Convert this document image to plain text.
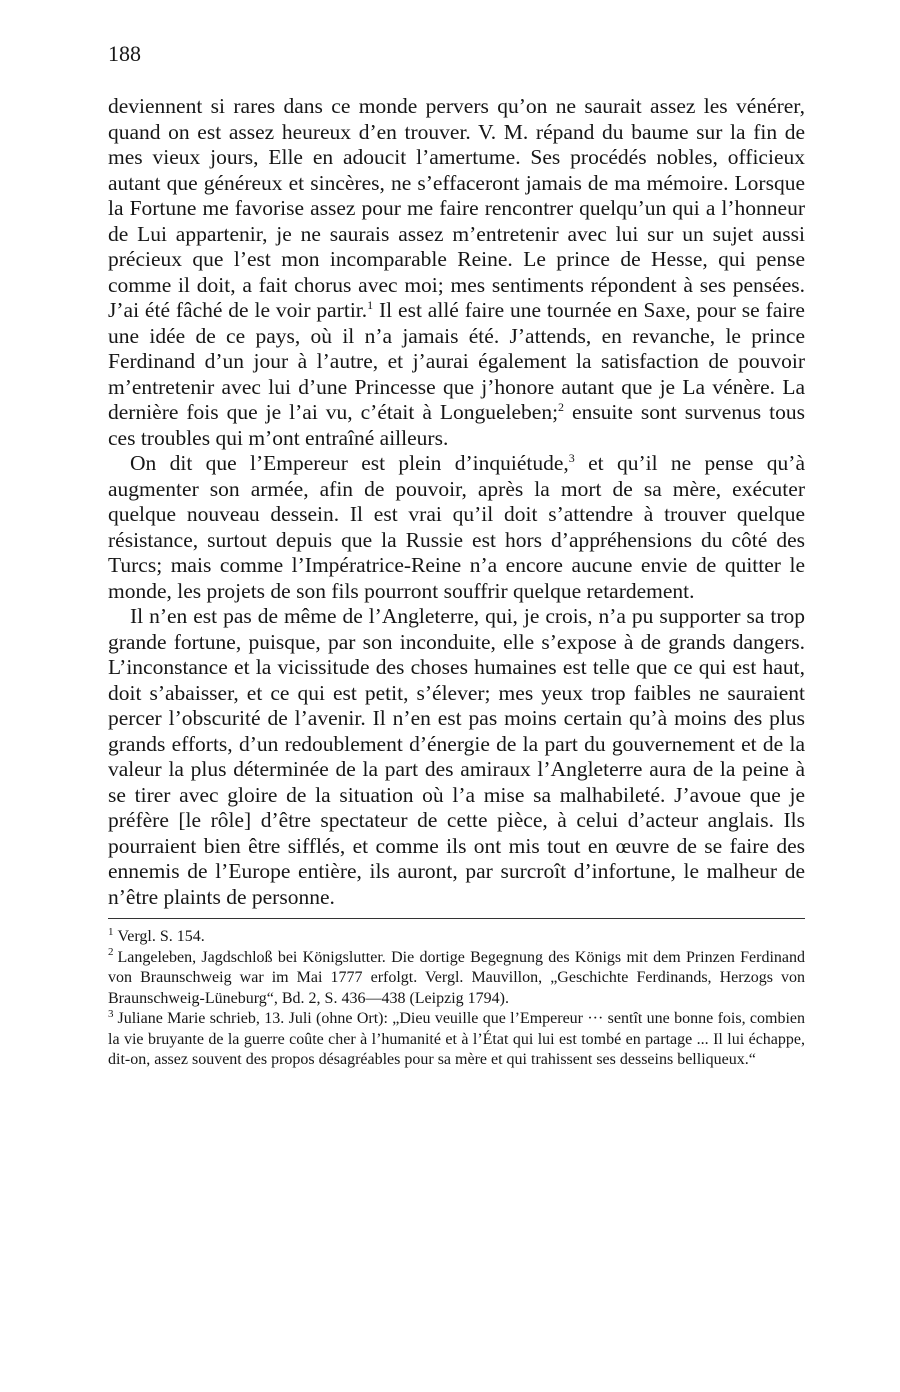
188

deviennent si rares dans ce monde pervers qu’on ne saurait assez les vénérer, quand on est assez heureux d’en trouver. V. M. répand du baume sur la fin de mes vieux jours, Elle en adoucit l’amertume. Ses procédés nobles, officieux autant que généreux et sincères, ne s’effaceront jamais de ma mémoire. Lorsque la Fortune me favorise assez pour me faire rencontrer quelqu’un qui a l’honneur de Lui appartenir, je ne saurais assez m’entretenir avec lui sur un sujet aussi précieux que l’est mon incomparable Reine. Le prince de Hesse, qui pense comme il doit, a fait chorus avec moi; mes sentiments répondent à ses pensées. J’ai été fâché de le voir partir.$^1$ Il est allé faire une tournée en Saxe, pour se faire une idée de ce pays, où il n’a jamais été. J’attends, en revanche, le prince Ferdinand d’un jour à l’autre, et j’aurai également la satisfaction de pouvoir m’entretenir avec lui d’une Princesse que j’honore autant que je La vénère. La dernière fois que je l’ai vu, c’était à Longueleben;$^2$ ensuite sont survenus tous ces troubles qui m’ont entraîné ailleurs.

On dit que l’Empereur est plein d’inquiétude,$^3$ et qu’il ne pense qu’à augmenter son armée, afin de pouvoir, après la mort de sa mère, exécuter quelque nouveau dessein. Il est vrai qu’il doit s’attendre à trouver quelque résistance, surtout depuis que la Russie est hors d’appréhensions du côté des Turcs; mais comme l’Impératrice-Reine n’a encore aucune envie de quitter le monde, les projets de son fils pourront souffrir quelque retardement.

Il n’en est pas de même de l’Angleterre, qui, je crois, n’a pu supporter sa trop grande fortune, puisque, par son inconduite, elle s’expose à de grands dangers. L’inconstance et la vicissitude des choses humaines est telle que ce qui est haut, doit s’abaisser, et ce qui est petit, s’élever; mes yeux trop faibles ne sauraient percer l’obscurité de l’avenir. Il n’en est pas moins certain qu’à moins des plus grands efforts, d’un redoublement d’énergie de la part du gouvernement et de la valeur la plus déterminée de la part des amiraux l’Angleterre aura de la peine à se tirer avec gloire de la situation où l’a mise sa malhabileté. J’avoue que je préfère [le rôle] d’être spectateur de cette pièce, à celui d’acteur anglais. Ils pourraient bien être sifflés, et comme ils ont mis tout en œuvre de se faire des ennemis de l’Europe entière, ils auront, par surcroît d’infortune, le malheur de n’être plaints de personne.

$^1$ Vergl. S. 154.

$^2$ Langeleben, Jagdschloß bei Königslutter. Die dortige Begegnung des Königs mit dem Prinzen Ferdinand von Braunschweig war im Mai 1777 erfolgt. Vergl. Mauvillon, „Geschichte Ferdinands, Herzogs von Braunschweig-Lüneburg“, Bd. 2, S. 436—438 (Leipzig 1794).

$^3$ Juliane Marie schrieb, 13. Juli (ohne Ort): „Dieu veuille que l’Empereur ··· sentît une bonne fois, combien la vie bruyante de la guerre coûte cher à l’humanité et à l’État qui lui est tombé en partage ... Il lui échappe, dit-on, assez souvent des propos désagréables pour sa mère et qui trahissent ses desseins belliqueux.“
